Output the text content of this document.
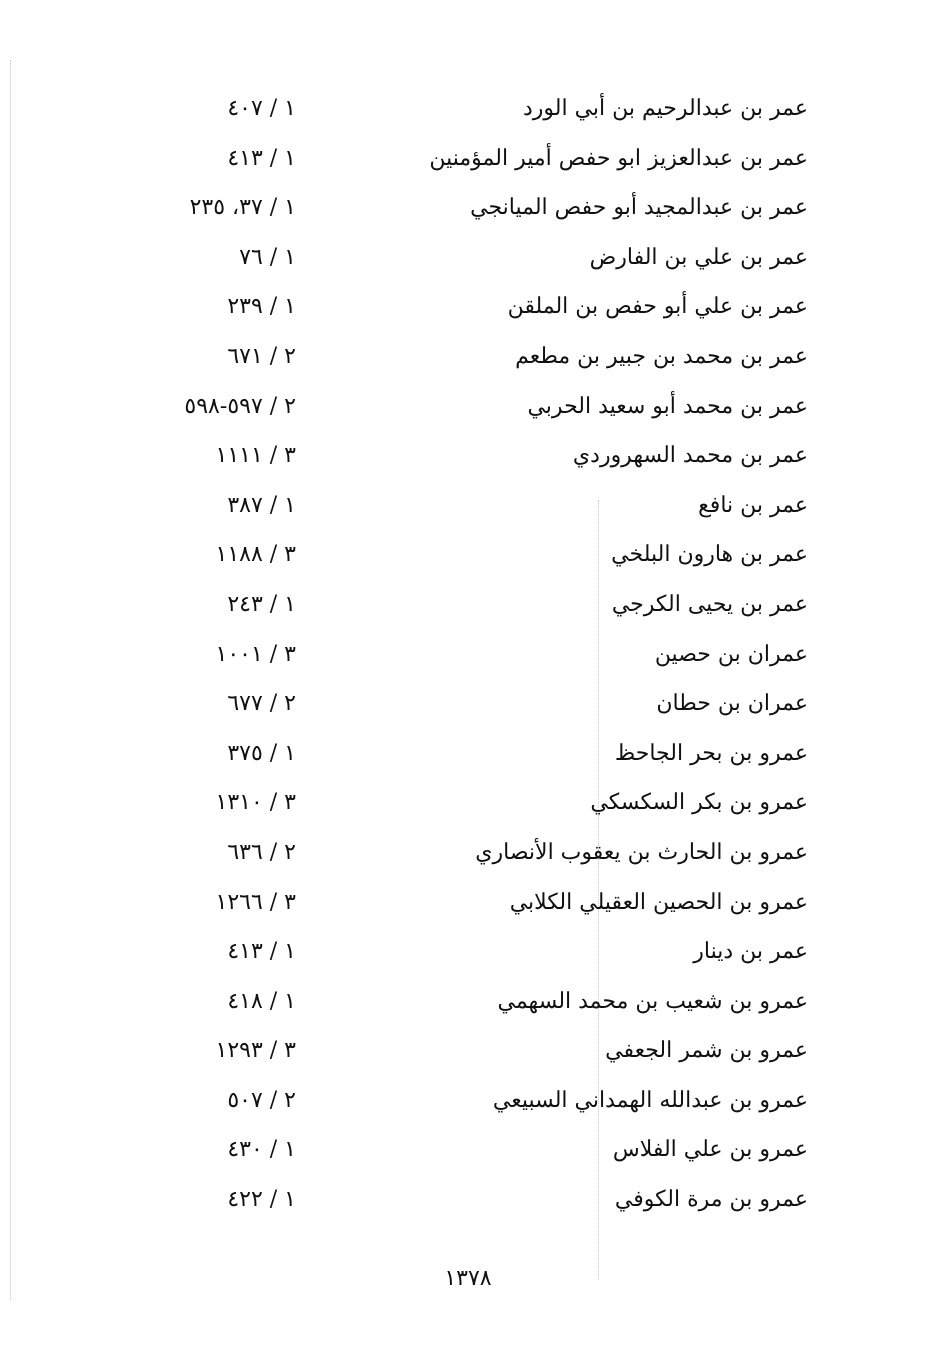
عمر بن عبدالرحيم بن أبي الورد
١ / ٤٠٧
عمر بن عبدالعزيز ابو حفص أمير المؤمنين
١ / ٤١٣
عمر بن عبدالمجيد أبو حفص الميانجي
١ / ٣٧، ٢٣٥
عمر بن علي بن الفارض
١ / ٧٦
عمر بن علي أبو حفص بن الملقن
١ / ٢٣٩
عمر بن محمد بن جبير بن مطعم
٢ / ٦٧١
عمر بن محمد أبو سعيد الحربي
٢ / ٥٩٧-٥٩٨
عمر بن محمد السهروردي
٣ / ١١١١
عمر بن نافع
١ / ٣٨٧
عمر بن هارون البلخي
٣ / ١١٨٨
عمر بن يحيى الكرجي
١ / ٢٤٣
عمران بن حصين
٣ / ١٠٠١
عمران بن حطان
٢ / ٦٧٧
عمرو بن بحر الجاحظ
١ / ٣٧٥
عمرو بن بكر السكسكي
٣ / ١٣١٠
عمرو بن الحارث بن يعقوب الأنصاري
٢ / ٦٣٦
عمرو بن الحصين العقيلي الكلابي
٣ / ١٢٦٦
عمر بن دينار
١ / ٤١٣
عمرو بن شعيب بن محمد السهمي
١ / ٤١٨
عمرو بن شمر الجعفي
٣ / ١٢٩٣
عمرو بن عبدالله الهمداني السبيعي
٢ / ٥٠٧
عمرو بن علي الفلاس
١ / ٤٣٠
عمرو بن مرة الكوفي
١ / ٤٢٢
١٣٧٨
